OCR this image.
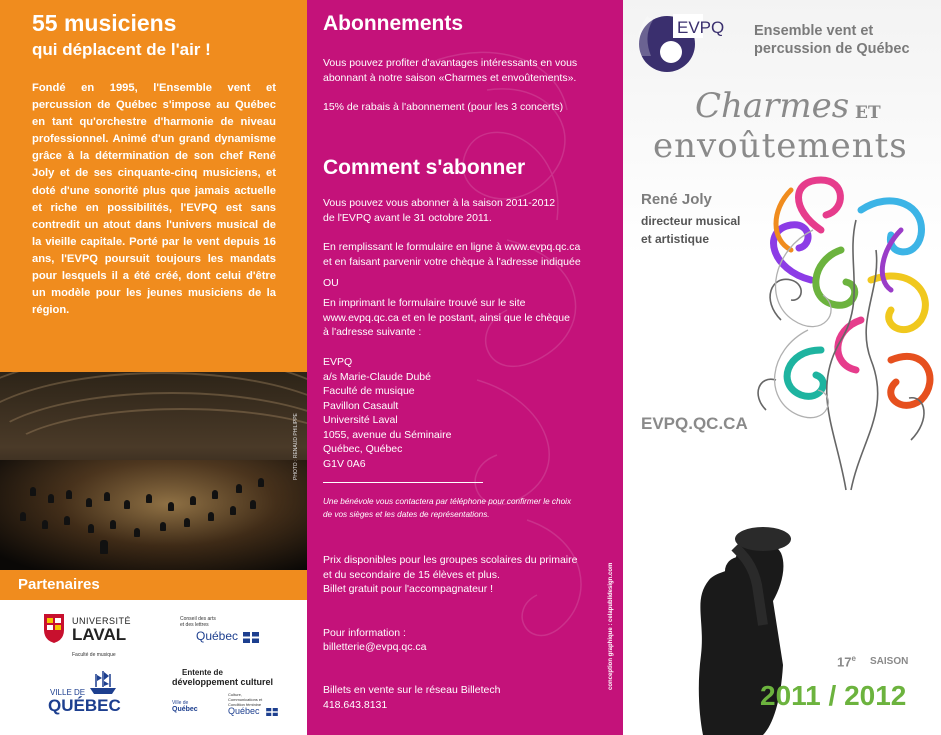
55 musiciens
qui déplacent de l'air !
Fondé en 1995, l'Ensemble vent et percussion de Québec s'impose au Québec en tant qu'orchestre d'harmonie de niveau professionnel. Animé d'un grand dynamisme grâce à la détermination de son chef René Joly et de ses cinquante-cinq musiciens, et doté d'une sonorité plus que jamais actuelle et riche en possibilités, l'EVPQ est sans contredit un atout dans l'univers musical de la vieille capitale. Porté par le vent depuis 16 ans, l'EVPQ poursuit toujours les mandats pour lesquels il a été créé, dont celui d'être un modèle pour les jeunes musiciens de la région.
PHOTO : RENAUD PHILIPPE
Partenaires
UNIVERSITÉ
LAVAL
Faculté de musique
Conseil des arts
et des lettres
Québec
VILLE DE
QUÉBEC
Entente de
développement culturel
Ville de
Québec
Culture, Communications et Condition féminine
Québec
Abonnements
Vous pouvez profiter d'avantages intéressants en vous abonnant à notre saison «Charmes et envoûtements».
15% de rabais à l'abonnement (pour les 3 concerts)
Comment s'abonner
Vous pouvez vous abonner à la saison 2011-2012
de l'EVPQ avant le 31 octobre 2011.
En remplissant le formulaire en ligne à www.evpq.qc.ca
et en faisant parvenir votre chèque à l'adresse indiquée
OU
En imprimant le formulaire trouvé sur le site
www.evpq.qc.ca et en le postant, ainsi que le chèque
à l'adresse suivante :
EVPQ
a/s Marie-Claude Dubé
Faculté de musique
Pavillon Casault
Université Laval
1055, avenue du Séminaire
Québec, Québec
G1V 0A6
Une bénévole vous contactera par téléphone pour confirmer le choix
de vos sièges et les dates de représentations.
Prix disponibles pour les groupes scolaires du primaire
et du secondaire de 15 élèves et plus.
Billet gratuit pour l'accompagnateur !
Pour information :
billetterie@evpq.qc.ca
Billets en vente sur le réseau Billetech
418.643.8131
conception graphique : celapublidesign.com
EVPQ Ensemble vent et
percussion de Québec
Charmes ET
envoûtements
René Joly
directeur musical
et artistique
EVPQ.QC.CA
17e SAISON
2011 / 2012
